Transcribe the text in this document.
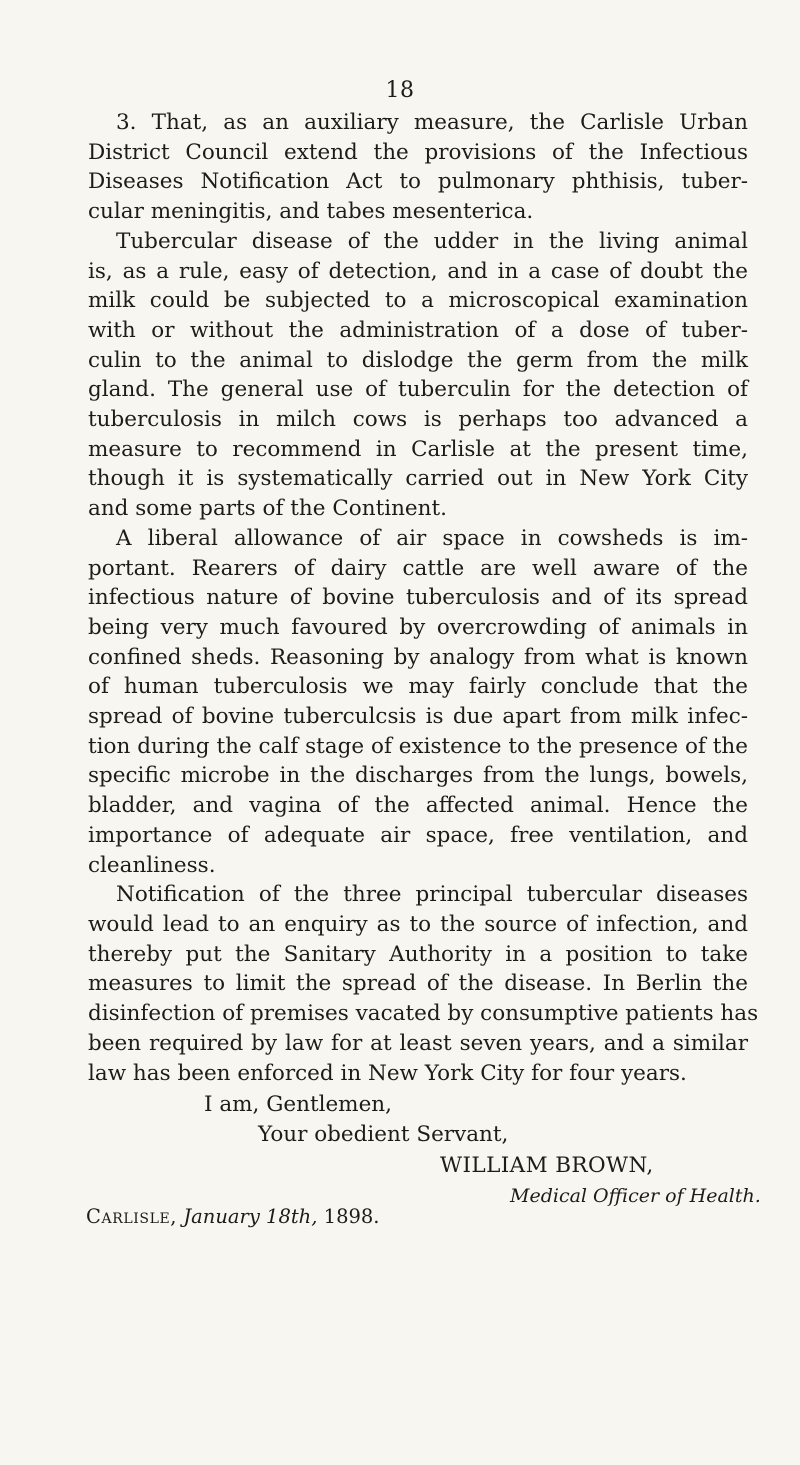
18
3. That, as an auxiliary measure, the Carlisle Urban
District Council extend the provisions of the Infectious
Diseases Notification Act to pulmonary phthisis, tuber-
cular meningitis, and tabes mesenterica.
Tubercular disease of the udder in the living animal
is, as a rule, easy of detection, and in a case of doubt the
milk could be subjected to a microscopical examination
with or without the administration of a dose of tuber-
culin to the animal to dislodge the germ from the milk
gland. The general use of tuberculin for the detection of
tuberculosis in milch cows is perhaps too advanced a
measure to recommend in Carlisle at the present time,
though it is systematically carried out in New York City
and some parts of the Continent.
A liberal allowance of air space in cowsheds is im-
portant. Rearers of dairy cattle are well aware of the
infectious nature of bovine tuberculosis and of its spread
being very much favoured by overcrowding of animals in
confined sheds. Reasoning by analogy from what is known
of human tuberculosis we may fairly conclude that the
spread of bovine tuberculcsis is due apart from milk infec-
tion during the calf stage of existence to the presence of the
specific microbe in the discharges from the lungs, bowels,
bladder, and vagina of the affected animal. Hence the
importance of adequate air space, free ventilation, and
cleanliness.
Notification of the three principal tubercular diseases
would lead to an enquiry as to the source of infection, and
thereby put the Sanitary Authority in a position to take
measures to limit the spread of the disease. In Berlin the
disinfection of premises vacated by consumptive patients has
been required by law for at least seven years, and a similar
law has been enforced in New York City for four years.
I am, Gentlemen,
Your obedient Servant,
WILLIAM BROWN,
Medical Officer of Health.
Carlisle, January 18th, 1898.
